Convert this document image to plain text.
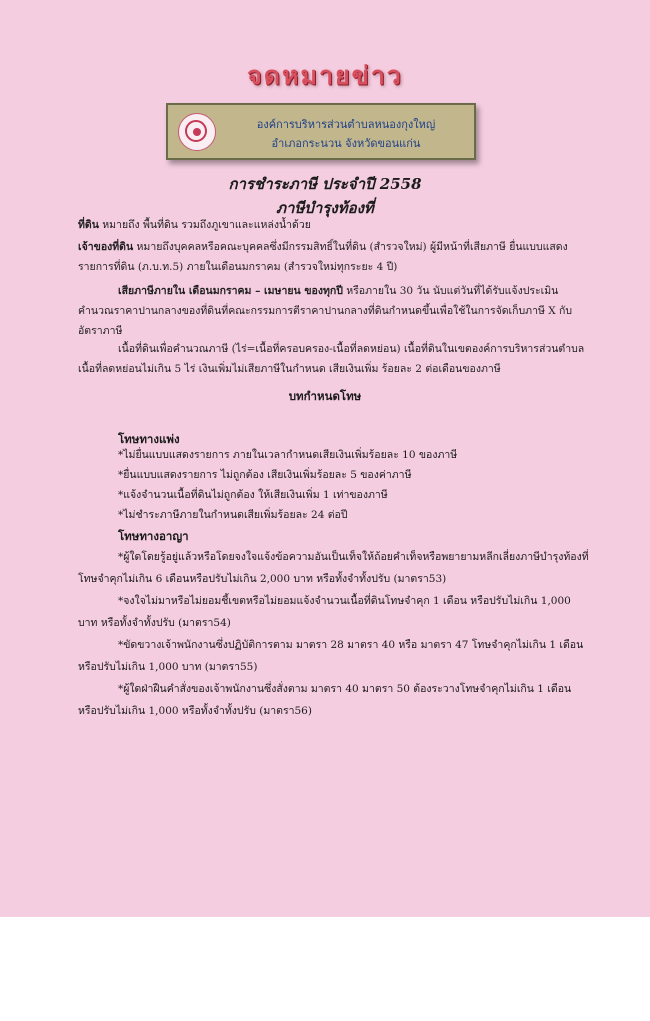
จดหมายข่าว
องค์การบริหารส่วนตำบลหนองกุงใหญ่
อำเภอกระนวน จังหวัดขอนแก่น
การชำระภาษี ประจำปี 2558
ภาษีบำรุงท้องที่
ที่ดิน หมายถึง พื้นที่ดิน รวมถึงภูเขาและแหล่งน้ำด้วย
เจ้าของที่ดิน หมายถึงบุคคลหรือคณะบุคคลซึ่งมีกรรมสิทธิ์ในที่ดิน (สำรวจใหม่) ผู้มีหน้าที่เสียภาษี ยื่นแบบแสดงรายการที่ดิน (ภ.บ.ท.5) ภายในเดือนมกราคม (สำรวจใหม่ทุกระยะ 4 ปี)
เสียภาษีภายใน เดือนมกราคม – เมษายน ของทุกปี หรือภายใน 30 วัน นับแต่วันที่ได้รับแจ้งประเมินคำนวณราคาปานกลางของที่ดินที่คณะกรรมการตีราคาปานกลางที่ดินกำหนดขึ้นเพื่อใช้ในการจัดเก็บภาษี X กับอัตราภาษี
เนื้อที่ดินเพื่อคำนวณภาษี (ไร่=เนื้อที่ครอบครอง-เนื้อที่ลดหย่อน) เนื้อที่ดินในเขตองค์การบริหารส่วนตำบล เนื้อที่ลดหย่อนไม่เกิน 5 ไร่ เงินเพิ่มไม่เสียภาษีในกำหนด เสียเงินเพิ่ม ร้อยละ 2 ต่อเดือนของภาษี
บทกำหนดโทษ
โทษทางแพ่ง
*ไม่ยื่นแบบแสดงรายการ ภายในเวลากำหนดเสียเงินเพิ่มร้อยละ 10 ของภาษี
*ยื่นแบบแสดงรายการ ไม่ถูกต้อง เสียเงินเพิ่มร้อยละ 5 ของค่าภาษี
*แจ้งจำนวนเนื้อที่ดินไม่ถูกต้อง ให้เสียเงินเพิ่ม 1 เท่าของภาษี
*ไม่ชำระภาษีภายในกำหนดเสียเพิ่มร้อยละ 24 ต่อปี
โทษทางอาญา
*ผู้ใดโดยรู้อยู่แล้วหรือโดยจงใจแจ้งข้อความอันเป็นเท็จให้ถ้อยคำเท็จหรือพยายามหลีกเลี่ยงภาษีบำรุงท้องที่โทษจำคุกไม่เกิน 6 เดือนหรือปรับไม่เกิน 2,000 บาท หรือทั้งจำทั้งปรับ (มาตรา53)
*จงใจไม่มาหรือไม่ยอมชี้เขตหรือไม่ยอมแจ้งจำนวนเนื้อที่ดินโทษจำคุก 1 เดือน หรือปรับไม่เกิน 1,000 บาท หรือทั้งจำทั้งปรับ (มาตรา54)
*ขัดขวางเจ้าพนักงานซึ่งปฏิบัติการตาม มาตรา 28 มาตรา 40 หรือ มาตรา 47 โทษจำคุกไม่เกิน 1 เดือน หรือปรับไม่เกิน 1,000 บาท (มาตรา55)
*ผู้ใดฝ่าฝืนคำสั่งของเจ้าพนักงานซึ่งสั่งตาม มาตรา 40 มาตรา 50 ต้องระวางโทษจำคุกไม่เกิน 1 เดือนหรือปรับไม่เกิน 1,000 หรือทั้งจำทั้งปรับ (มาตรา56)
